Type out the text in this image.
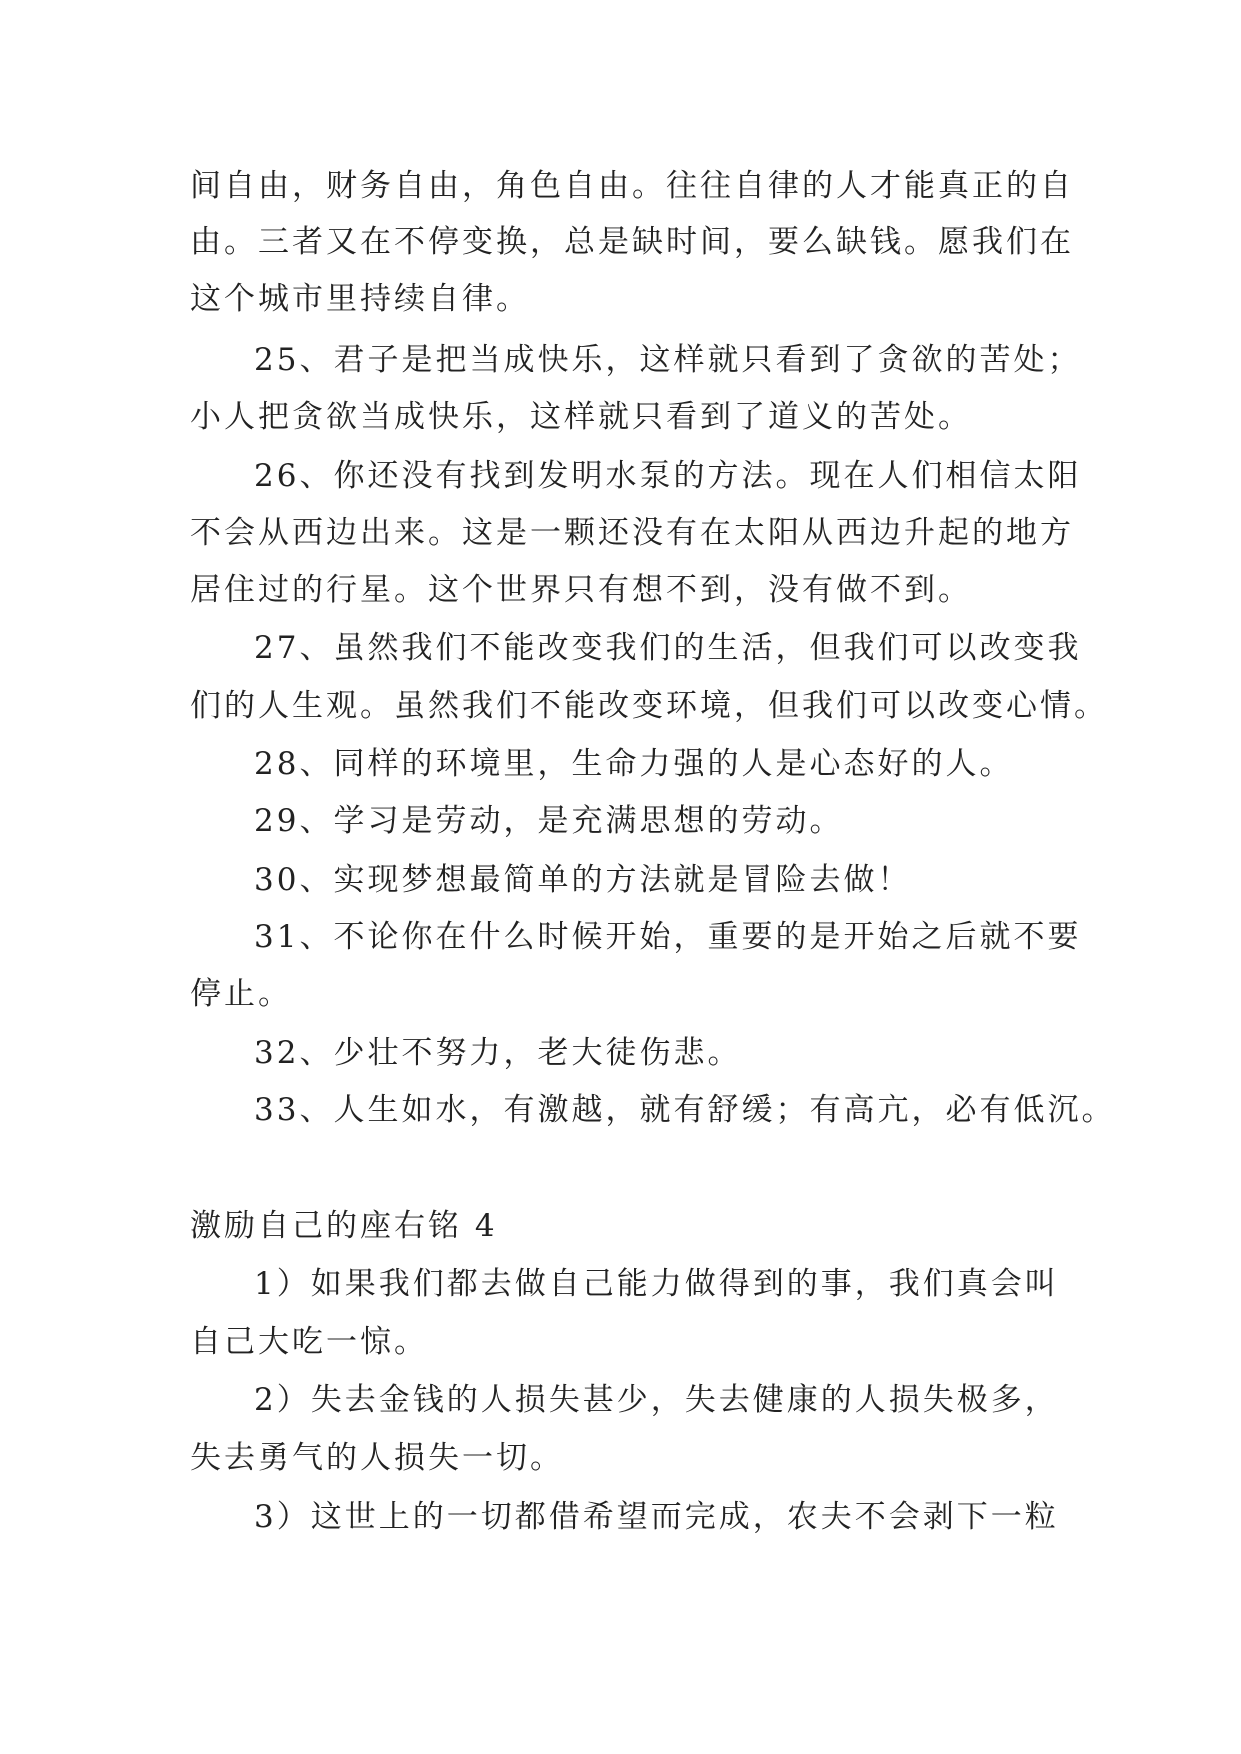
间自由，财务自由，角色自由。往往自律的人才能真正的自
由。三者又在不停变换，总是缺时间，要么缺钱。愿我们在
这个城市里持续自律。
25、君子是把当成快乐，这样就只看到了贪欲的苦处；
小人把贪欲当成快乐，这样就只看到了道义的苦处。
26、你还没有找到发明水泵的方法。现在人们相信太阳
不会从西边出来。这是一颗还没有在太阳从西边升起的地方
居住过的行星。这个世界只有想不到，没有做不到。
27、虽然我们不能改变我们的生活，但我们可以改变我
们的人生观。虽然我们不能改变环境，但我们可以改变心情。
28、同样的环境里，生命力强的人是心态好的人。
29、学习是劳动，是充满思想的劳动。
30、实现梦想最简单的方法就是冒险去做！
31、不论你在什么时候开始，重要的是开始之后就不要
停止。
32、少壮不努力，老大徒伤悲。
33、人生如水，有激越，就有舒缓；有高亢，必有低沉。
激励自己的座右铭 4
1）如果我们都去做自己能力做得到的事，我们真会叫
自己大吃一惊。
2）失去金钱的人损失甚少，失去健康的人损失极多，
失去勇气的人损失一切。
3）这世上的一切都借希望而完成，农夫不会剥下一粒
